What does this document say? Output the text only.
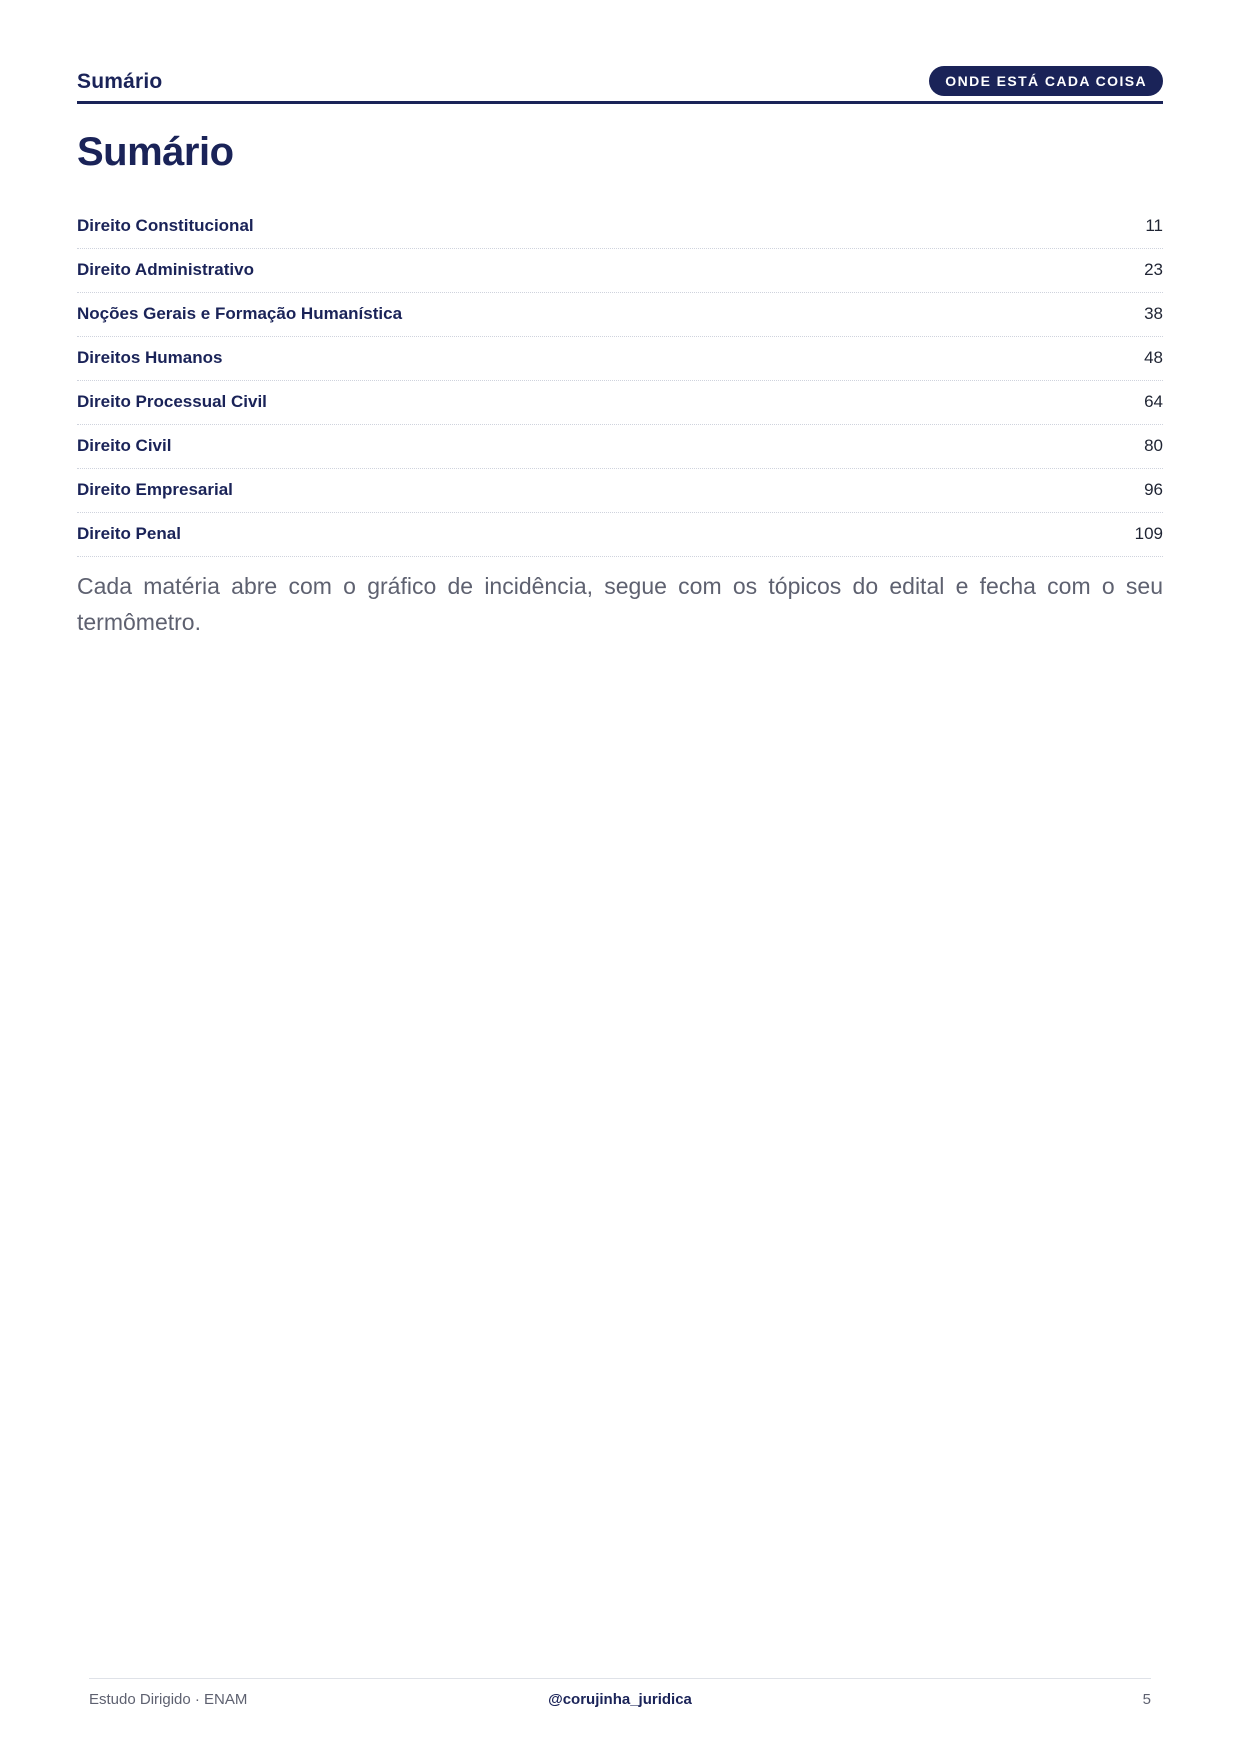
Sumário	ONDE ESTÁ CADA COISA
Sumário
Direito Constitucional	11
Direito Administrativo	23
Noções Gerais e Formação Humanística	38
Direitos Humanos	48
Direito Processual Civil	64
Direito Civil	80
Direito Empresarial	96
Direito Penal	109

Cada matéria abre com o gráfico de incidência, segue com os tópicos do edital e fecha com o seu termômetro.

Estudo Dirigido · ENAM	@corujinha_juridica	5
